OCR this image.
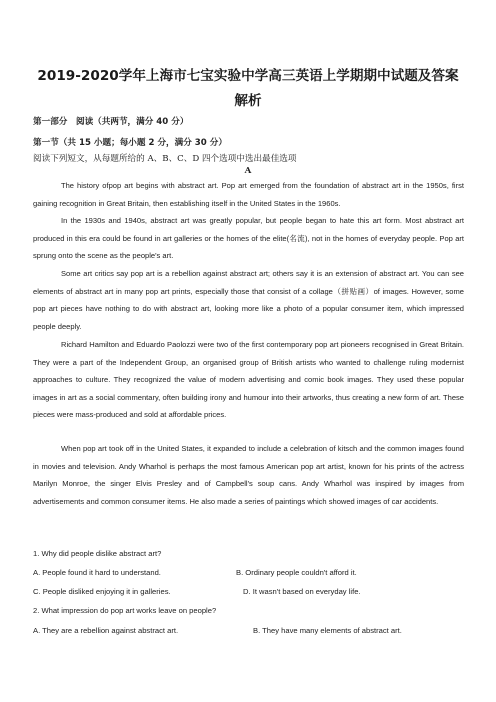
2019-2020学年上海市七宝实验中学高三英语上学期期中试题及答案
解析
第一部分　阅读（共两节，满分 40 分）
第一节（共 15 小题；每小题 2 分，满分 30 分）
阅读下列短文，从每题所给的 A、B、C、D 四个选项中选出最佳选项
A

The history ofpop art begins with abstract art. Pop art emerged from the foundation of abstract art in the 1950s, first gaining recognition in Great Britain, then establishing itself in the United States in the 1960s.

In the 1930s and 1940s, abstract art was greatly popular, but people began to hate this art form. Most abstract art produced in this era could be found in art galleries or the homes of the elite(名流), not in the homes of everyday people. Pop art sprung onto the scene as the people's art.

Some art critics say pop art is a rebellion against abstract art; others say it is an extension of abstract art. You can see elements of abstract art in many pop art prints, especially those that consist of a collage（拼贴画）of images. However, some pop art pieces have nothing to do with abstract art, looking more like a photo of a popular consumer item, which impressed people deeply.

Richard Hamilton and Eduardo Paolozzi were two of the first contemporary pop art pioneers recognised in Great Britain. They were a part of the Independent Group, an organised group of British artists who wanted to challenge ruling modernist approaches to culture. They recognized the value of modern advertising and comic book images. They used these popular images in art as a social commentary, often building irony and humour into their artworks, thus creating a new form of art. These pieces were mass-produced and sold at affordable prices.

When pop art took off in the United States, it expanded to include a celebration of kitsch and the common images found in movies and television. Andy Wharhol is perhaps the most famous American pop art artist, known for his prints of the actress Marilyn Monroe, the singer Elvis Presley and of Campbell's soup cans. Andy Wharhol was inspired by images from advertisements and common consumer items. He also made a series of paintings which showed images of car accidents.

1. Why did people dislike abstract art?
A. People found it hard to understand.	B. Ordinary people couldn't afford it.
C. People disliked enjoying it in galleries.	D. It wasn't based on everyday life.
2. What impression do pop art works leave on people?
A. They are a rebellion against abstract art.	B. They have many elements of abstract art.
